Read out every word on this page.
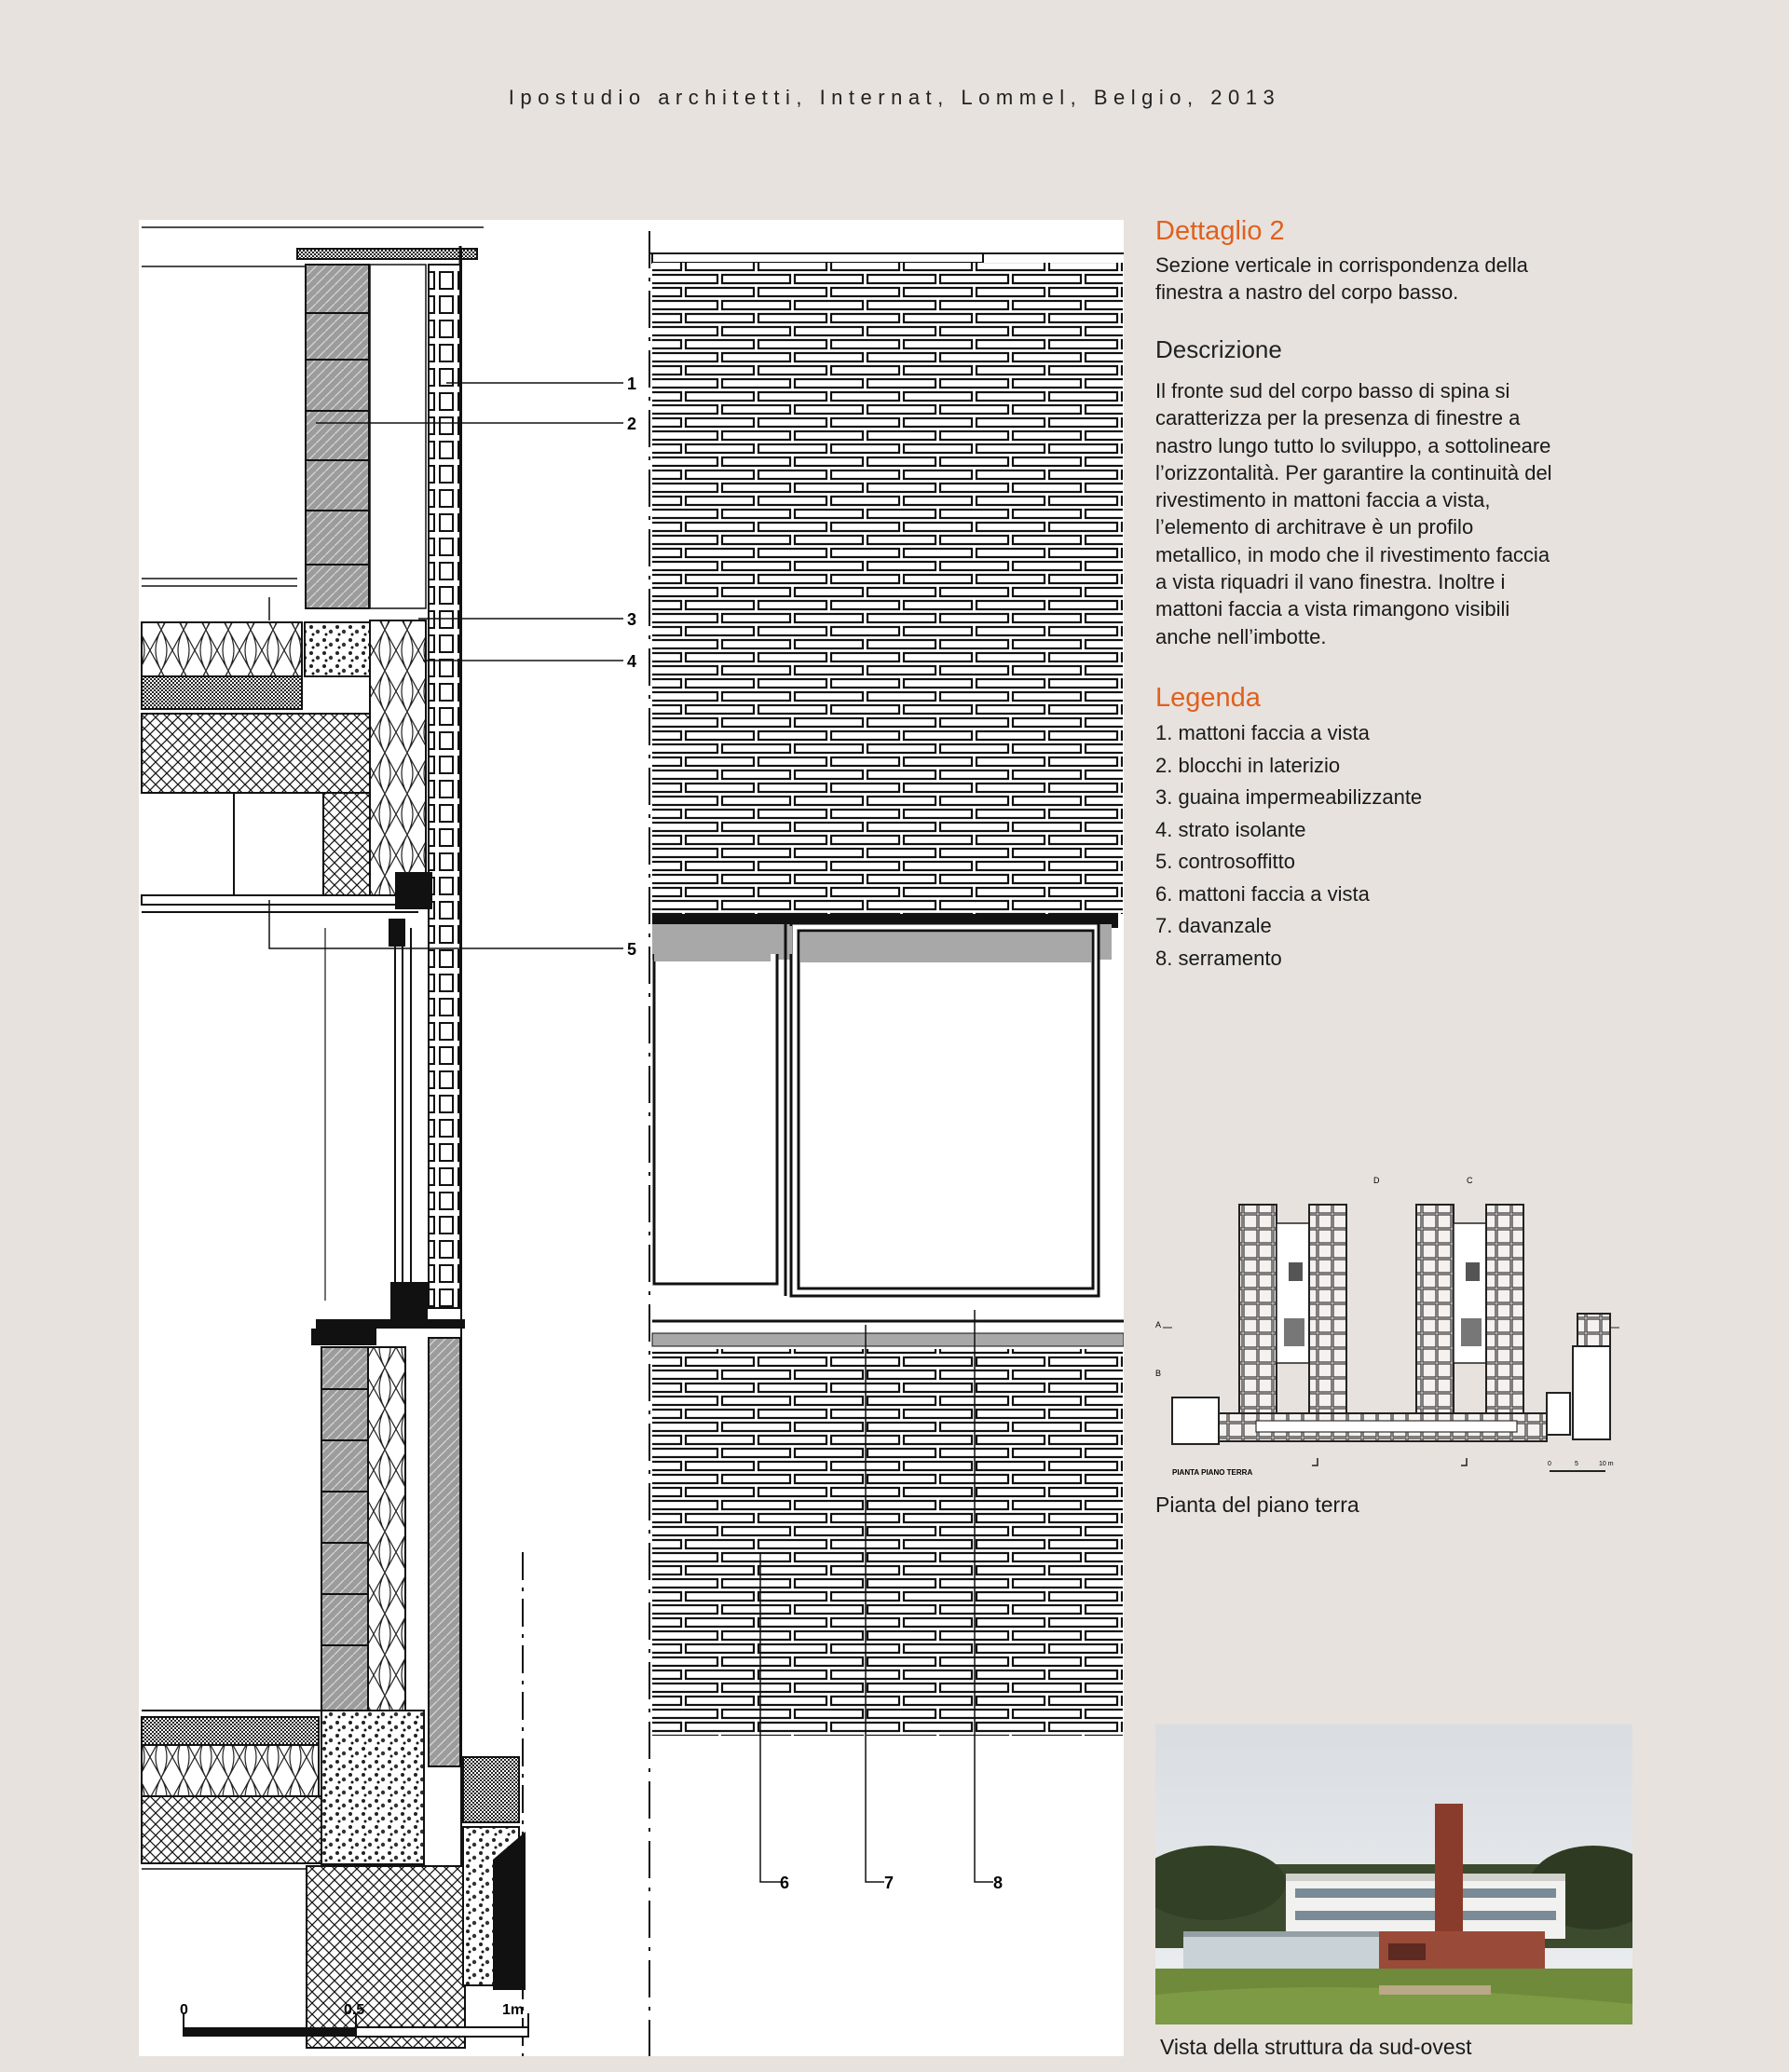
Ipostudio architetti, Internat, Lommel, Belgio, 2013
1
2
3
4
5
6	7	8
0	0.5	1m
Dettaglio 2
Sezione verticale in corrispondenza della
finestra a nastro del corpo basso.
Descrizione
Il fronte sud del corpo basso di spina si
caratterizza per la presenza di finestre a
nastro lungo tutto lo sviluppo, a sottolineare
l’orizzontalità. Per garantire la continuità del
rivestimento in mattoni faccia a vista,
l’elemento di architrave è un profilo
metallico, in modo che il rivestimento faccia
a vista riquadri il vano finestra. Inoltre i
mattoni faccia a vista rimangono visibili
anche nell’imbotte.
Legenda
1. mattoni faccia a vista
2. blocchi in laterizio
3. guaina impermeabilizzante
4. strato isolante
5. controsoffitto
6. mattoni faccia a vista
7. davanzale
8. serramento
D	C
A
B
PIANTA PIANO TERRA
0	5	10 m
Pianta del piano terra
Vista della struttura da sud-ovest
